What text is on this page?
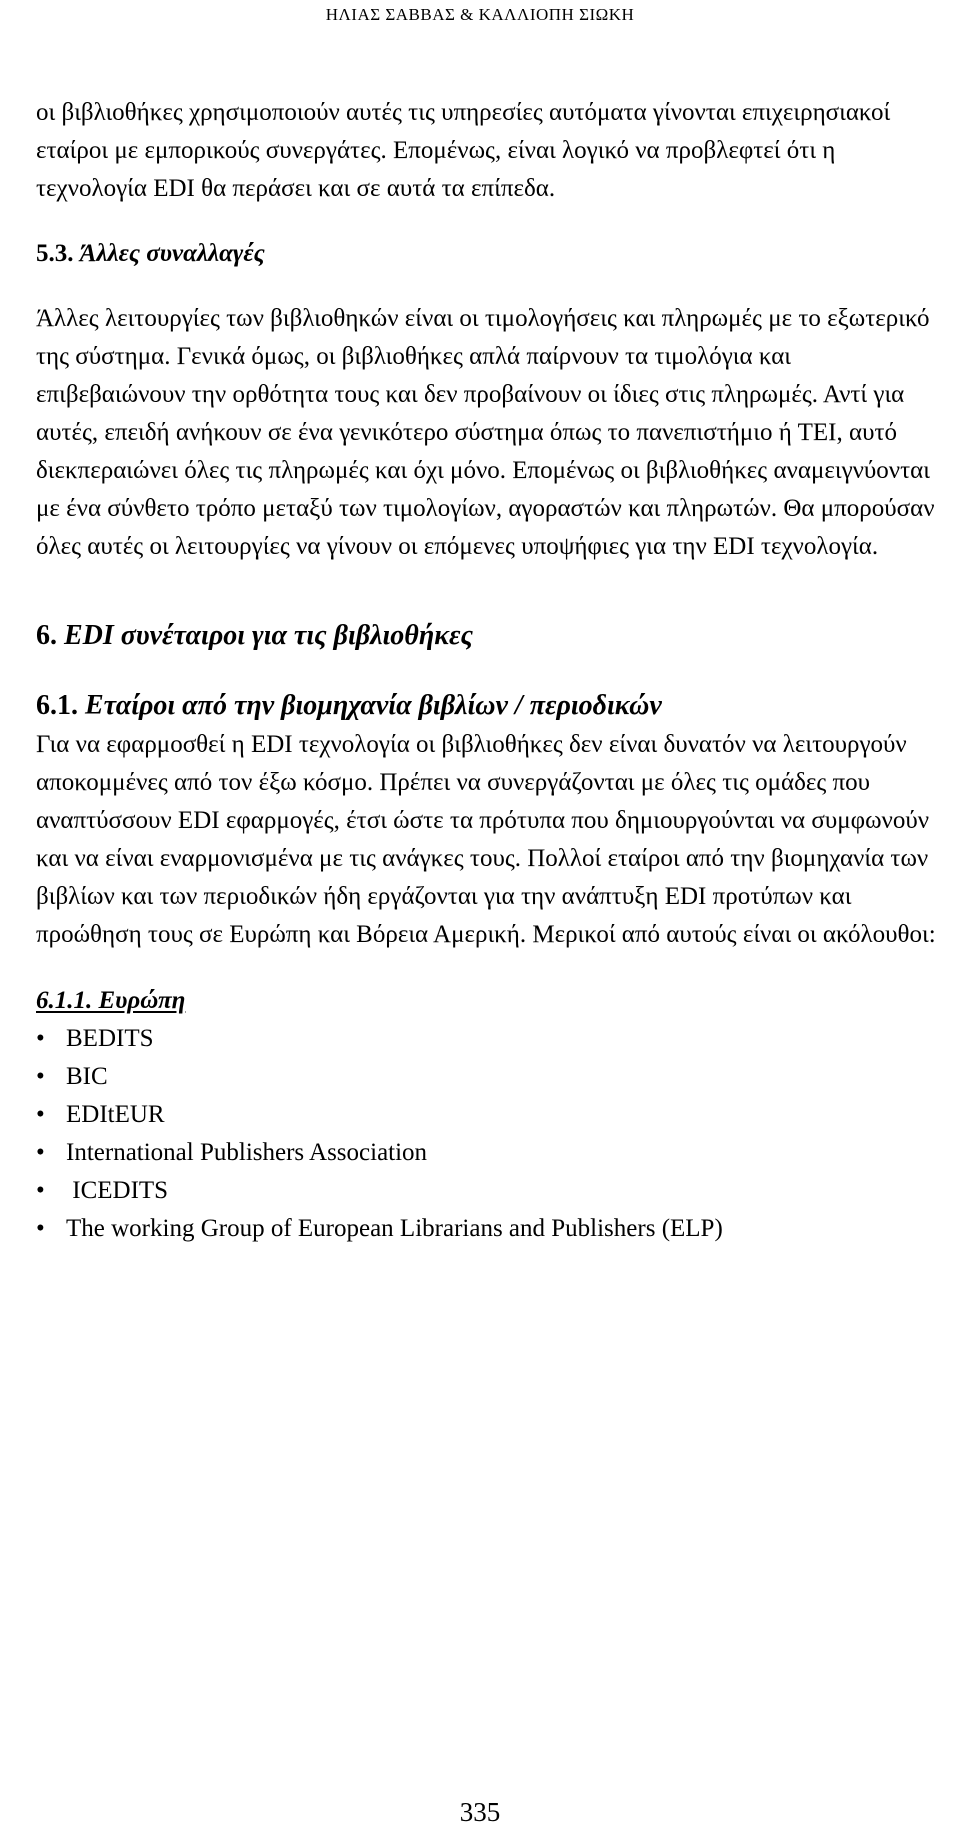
ΗΛΙΑΣ ΣΑΒΒΑΣ & ΚΑΛΛΙΟΠΗ ΣΙΩΚΗ

οι βιβλιοθήκες χρησιμοποιούν αυτές τις υπηρεσίες αυτόματα γίνονται επιχειρησιακοί εταίροι με εμπορικούς συνεργάτες. Επομένως, είναι λογικό να προβλεφτεί ότι η τεχνολογία EDI θα περάσει και σε αυτά τα επίπεδα.

5.3. Άλλες συναλλαγές

Άλλες λειτουργίες των βιβλιοθηκών είναι οι τιμολογήσεις και πληρωμές με το εξωτερικό της σύστημα. Γενικά όμως, οι βιβλιοθήκες απλά παίρνουν τα τιμολόγια και επιβεβαιώνουν την ορθότητα τους και δεν προβαίνουν οι ίδιες στις πληρωμές. Αντί για αυτές, επειδή ανήκουν σε ένα γενικότερο σύστημα όπως το πανεπιστήμιο ή ΤΕΙ, αυτό διεκπεραιώνει όλες τις πληρωμές και όχι μόνο. Επομένως οι βιβλιοθήκες αναμειγνύονται με ένα σύνθετο τρόπο μεταξύ των τιμολογίων, αγοραστών και πληρωτών. Θα μπορούσαν όλες αυτές οι λειτουργίες να γίνουν οι επόμενες υποψήφιες για την EDI τεχνολογία.

6. EDI συνέταιροι για τις βιβλιοθήκες
6.1. Εταίροι από την βιομηχανία βιβλίων / περιοδικών

Για να εφαρμοσθεί η EDI τεχνολογία οι βιβλιοθήκες δεν είναι δυνατόν να λειτουργούν αποκομμένες από τον έξω κόσμο. Πρέπει να συνεργάζονται με όλες τις ομάδες που αναπτύσσουν EDI εφαρμογές, έτσι ώστε τα πρότυπα που δημιουργούνται να συμφωνούν και να είναι εναρμονισμένα με τις ανάγκες τους. Πολλοί εταίροι από την βιομηχανία των βιβλίων και των περιοδικών ήδη εργάζονται για την ανάπτυξη EDI προτύπων και προώθηση τους σε Ευρώπη και Βόρεια Αμερική. Μερικοί από αυτούς είναι οι ακόλουθοι:

6.1.1. Ευρώπη
• BEDITS
• BIC
• EDItEUR
• International Publishers Association
• ICEDITS
• The working Group of European Librarians and Publishers (ELP)
335
